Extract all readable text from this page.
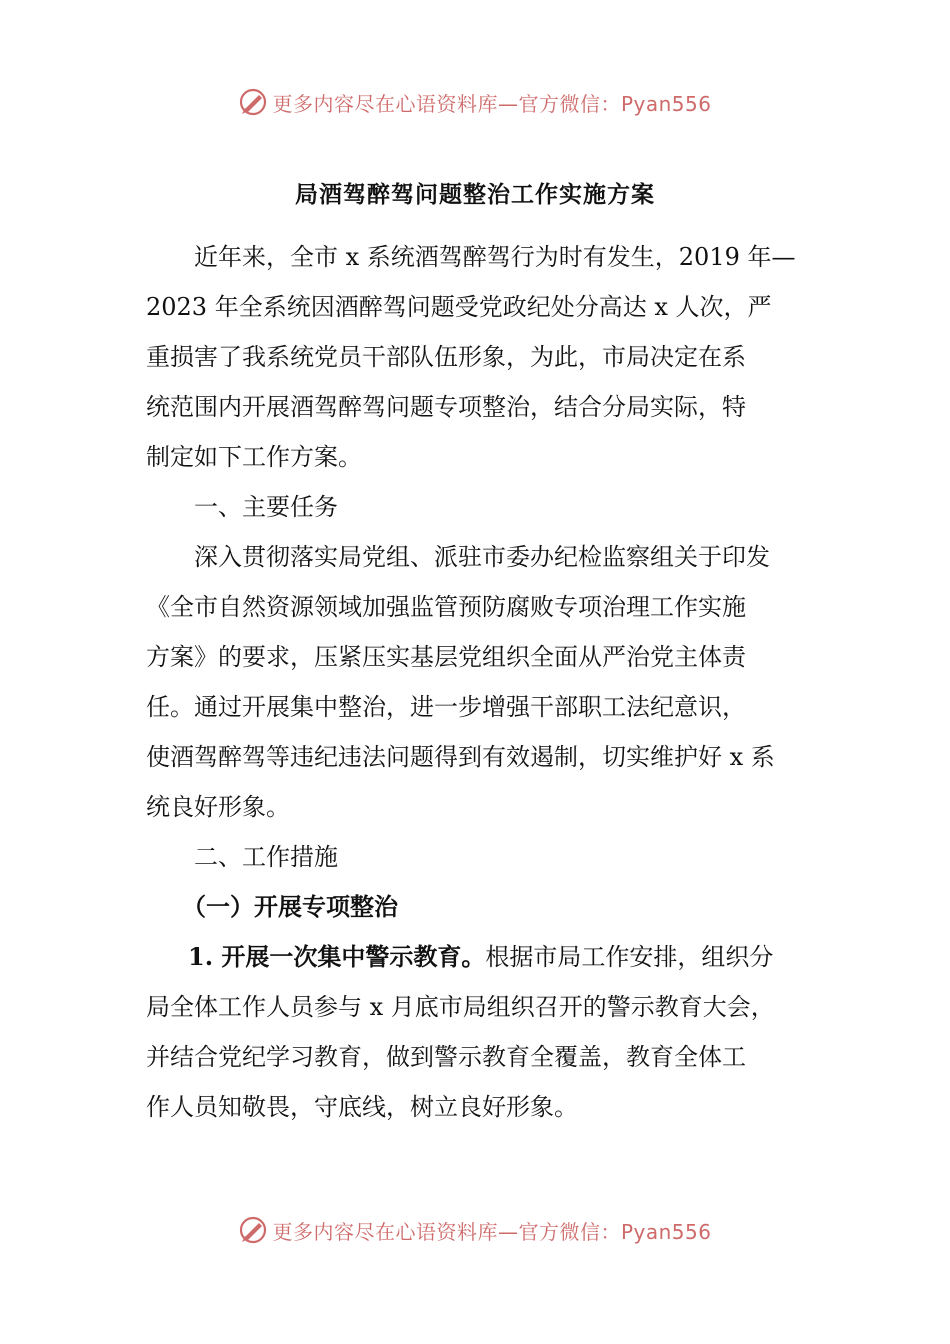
更多内容尽在心语资料库—官方微信：Pyan556
局酒驾醉驾问题整治工作实施方案
近年来，全市 x 系统酒驾醉驾行为时有发生，2019 年—
2023 年全系统因酒醉驾问题受党政纪处分高达 x 人次，严
重损害了我系统党员干部队伍形象，为此，市局决定在系
统范围内开展酒驾醉驾问题专项整治，结合分局实际，特
制定如下工作方案。
一、主要任务
深入贯彻落实局党组、派驻市委办纪检监察组关于印发
《全市自然资源领域加强监管预防腐败专项治理工作实施
方案》的要求，压紧压实基层党组织全面从严治党主体责
任。通过开展集中整治，进一步增强干部职工法纪意识，
使酒驾醉驾等违纪违法问题得到有效遏制，切实维护好 x 系
统良好形象。
二、工作措施
（一）开展专项整治
1. 开展一次集中警示教育。根据市局工作安排，组织分
局全体工作人员参与 x 月底市局组织召开的警示教育大会，
并结合党纪学习教育，做到警示教育全覆盖，教育全体工
作人员知敬畏，守底线，树立良好形象。
更多内容尽在心语资料库—官方微信：Pyan556
